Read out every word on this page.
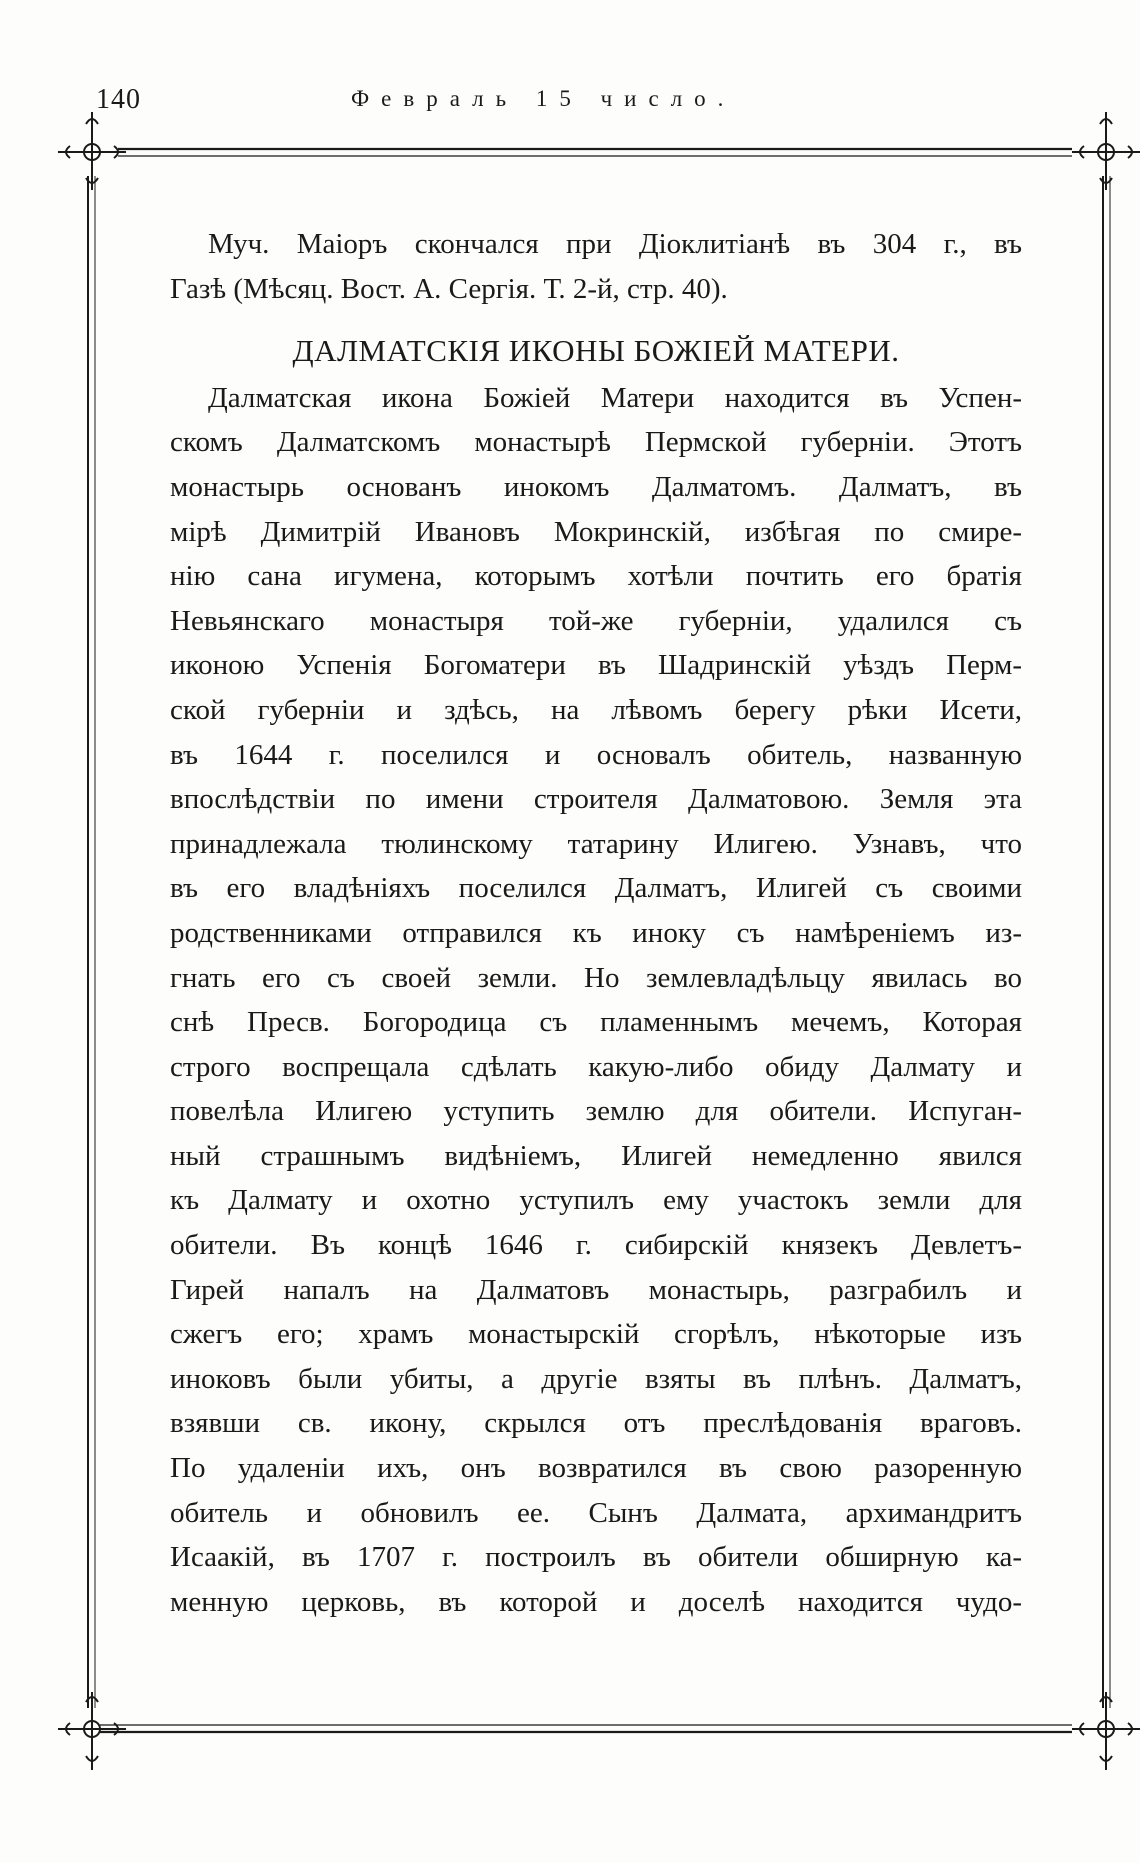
140	Февраль 15 число.
Муч. Маіоръ скончался при Діоклитіанѣ въ 304 г., въ
Газѣ (Мѣсяц. Вост. А. Сергія. Т. 2-й, стр. 40).
ДАЛМАТСКІЯ ИКОНЫ БОЖІЕЙ МАТЕРИ.
Далматская икона Божіей Матери находится въ Успен-
скомъ Далматскомъ монастырѣ Пермской губерніи. Этотъ
монастырь основанъ инокомъ Далматомъ. Далматъ, въ
мірѣ Димитрій Ивановъ Мокринскій, избѣгая по смире-
нію сана игумена, которымъ хотѣли почтить его братія
Невьянскаго монастыря той-же губерніи, удалился съ
иконою Успенія Богоматери въ Шадринскій уѣздъ Перм-
ской губерніи и здѣсь, на лѣвомъ берегу рѣки Исети,
въ 1644 г. поселился и основалъ обитель, названную
впослѣдствіи по имени строителя Далматовою. Земля эта
принадлежала тюлинскому татарину Илигею. Узнавъ, что
въ его владѣніяхъ поселился Далматъ, Илигей съ своими
родственниками отправился къ иноку съ намѣреніемъ из-
гнать его съ своей земли. Но землевладѣльцу явилась во
снѣ Пресв. Богородица съ пламеннымъ мечемъ, Которая
строго воспрещала сдѣлать какую-либо обиду Далмату и
повелѣла Илигею уступить землю для обители. Испуган-
ный страшнымъ видѣніемъ, Илигей немедленно явился
къ Далмату и охотно уступилъ ему участокъ земли для
обители. Въ концѣ 1646 г. сибирскій князекъ Девлетъ-
Гирей напалъ на Далматовъ монастырь, разграбилъ и
сжегъ его; храмъ монастырскій сгорѣлъ, нѣкоторые изъ
иноковъ были убиты, а другіе взяты въ плѣнъ. Далматъ,
взявши св. икону, скрылся отъ преслѣдованія враговъ.
По удаленіи ихъ, онъ возвратился въ свою разоренную
обитель и обновилъ ее. Сынъ Далмата, архимандритъ
Исаакій, въ 1707 г. построилъ въ обители обширную ка-
менную церковь, въ которой и доселѣ находится чудо-
